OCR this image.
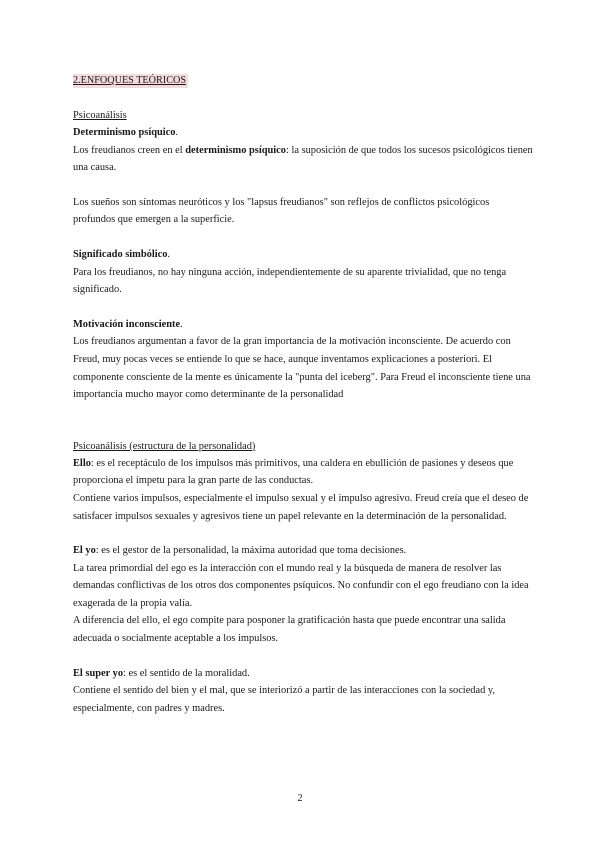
2.ENFOQUES TEÓRICOS

Psicoanálisis

Determinismo psíquico.

Los freudianos creen en el determinismo psíquico: la suposición de que todos los sucesos psicológicos tienen una causa.

Los sueños son síntomas neuróticos y los "lapsus freudianos" son reflejos de conflictos psicológicos profundos que emergen a la superficie.

Significado simbólico.

Para los freudianos, no hay ninguna acción, independientemente de su aparente trivialidad, que no tenga significado.

Motivación inconsciente.

Los freudianos argumentan a favor de la gran importancia de la motivación inconsciente. De acuerdo con Freud, muy pocas veces se entiende lo que se hace, aunque inventamos explicaciones a posteriori. El componente consciente de la mente es únicamente la "punta del iceberg". Para Freud el inconsciente tiene una importancia mucho mayor como determinante de la personalidad

Psicoanálisis (estructura de la personalidad)

Ello: es el receptáculo de los impulsos más primitivos, una caldera en ebullición de pasiones y deseos que proporciona el ímpetu para la gran parte de las conductas.

Contiene varios impulsos, especialmente el impulso sexual y el impulso agresivo. Freud creía que el deseo de satisfacer impulsos sexuales y agresivos tiene un papel relevante en la determinación de la personalidad.

El yo: es el gestor de la personalidad, la máxima autoridad que toma decisiones.

La tarea primordial del ego es la interacción con el mundo real y la búsqueda de manera de resolver las demandas conflictivas de los otros dos componentes psíquicos. No confundir con el ego freudiano con la idea exagerada de la propia valía.

A diferencia del ello, el ego compite para posponer la gratificación hasta que puede encontrar una salida adecuada o socialmente aceptable a los impulsos.

El super yo: es el sentido de la moralidad.

Contiene el sentido del bien y el mal, que se interiorizó a partir de las interacciones con la sociedad y, especialmente, con padres y madres.

2
